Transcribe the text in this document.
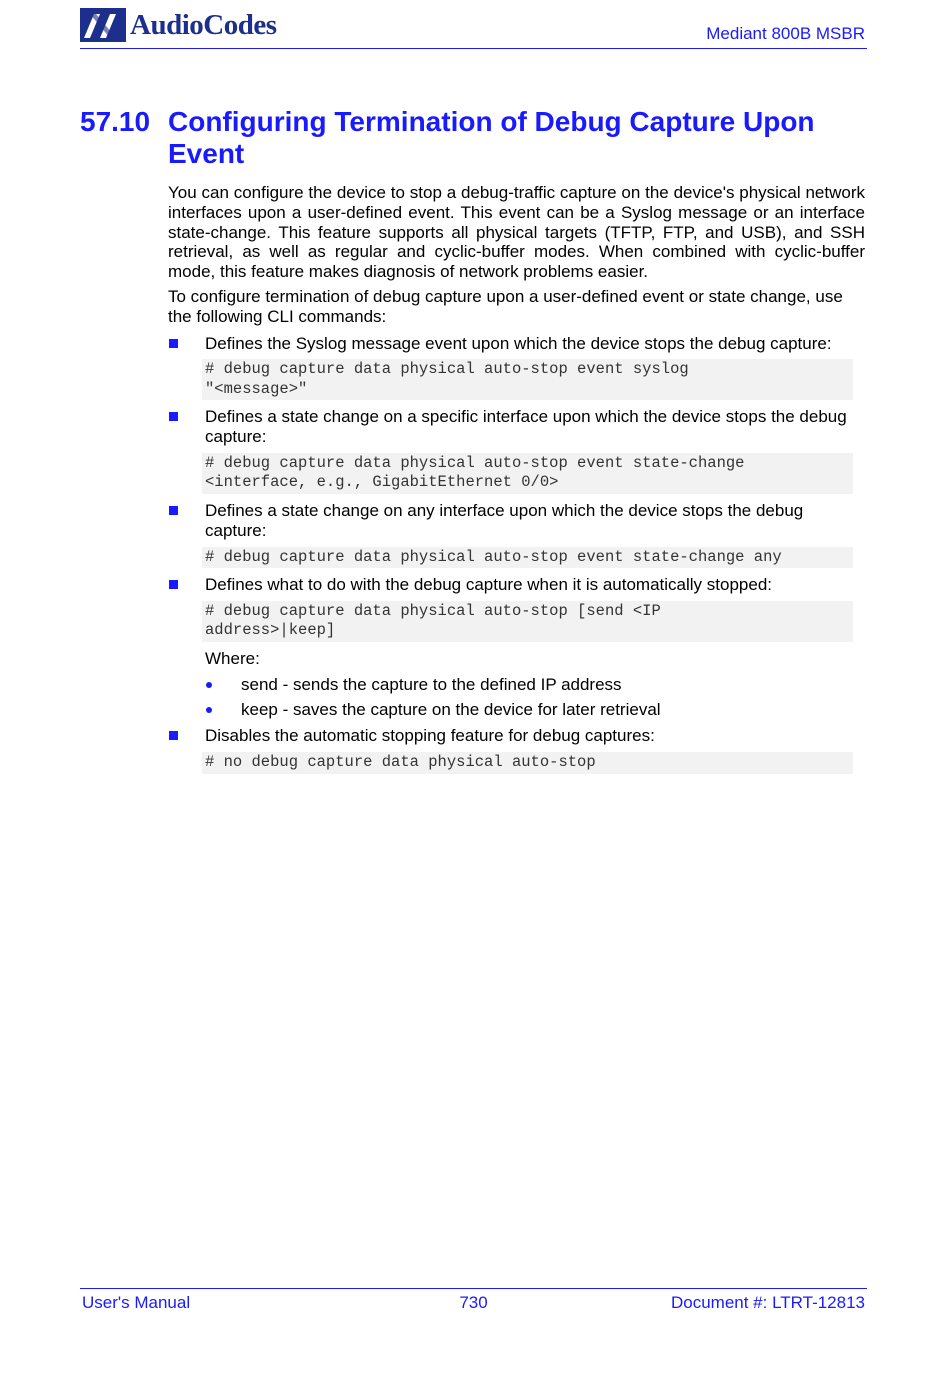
AudioCodes	Mediant 800B MSBR
57.10 Configuring Termination of Debug Capture Upon Event

You can configure the device to stop a debug-traffic capture on the device's physical network interfaces upon a user-defined event. This event can be a Syslog message or an interface state-change. This feature supports all physical targets (TFTP, FTP, and USB), and SSH retrieval, as well as regular and cyclic-buffer modes. When combined with cyclic-buffer mode, this feature makes diagnosis of network problems easier.

To configure termination of debug capture upon a user-defined event or state change, use the following CLI commands:

Defines the Syslog message event upon which the device stops the debug capture:
# debug capture data physical auto-stop event syslog
"<message>"
Defines a state change on a specific interface upon which the device stops the debug capture:
# debug capture data physical auto-stop event state-change
<interface, e.g., GigabitEthernet 0/0>
Defines a state change on any interface upon which the device stops the debug capture:
# debug capture data physical auto-stop event state-change any
Defines what to do with the debug capture when it is automatically stopped:
# debug capture data physical auto-stop [send <IP
address>|keep]
Where:
send - sends the capture to the defined IP address
keep - saves the capture on the device for later retrieval
Disables the automatic stopping feature for debug captures:
# no debug capture data physical auto-stop
User's Manual	730	Document #: LTRT-12813
